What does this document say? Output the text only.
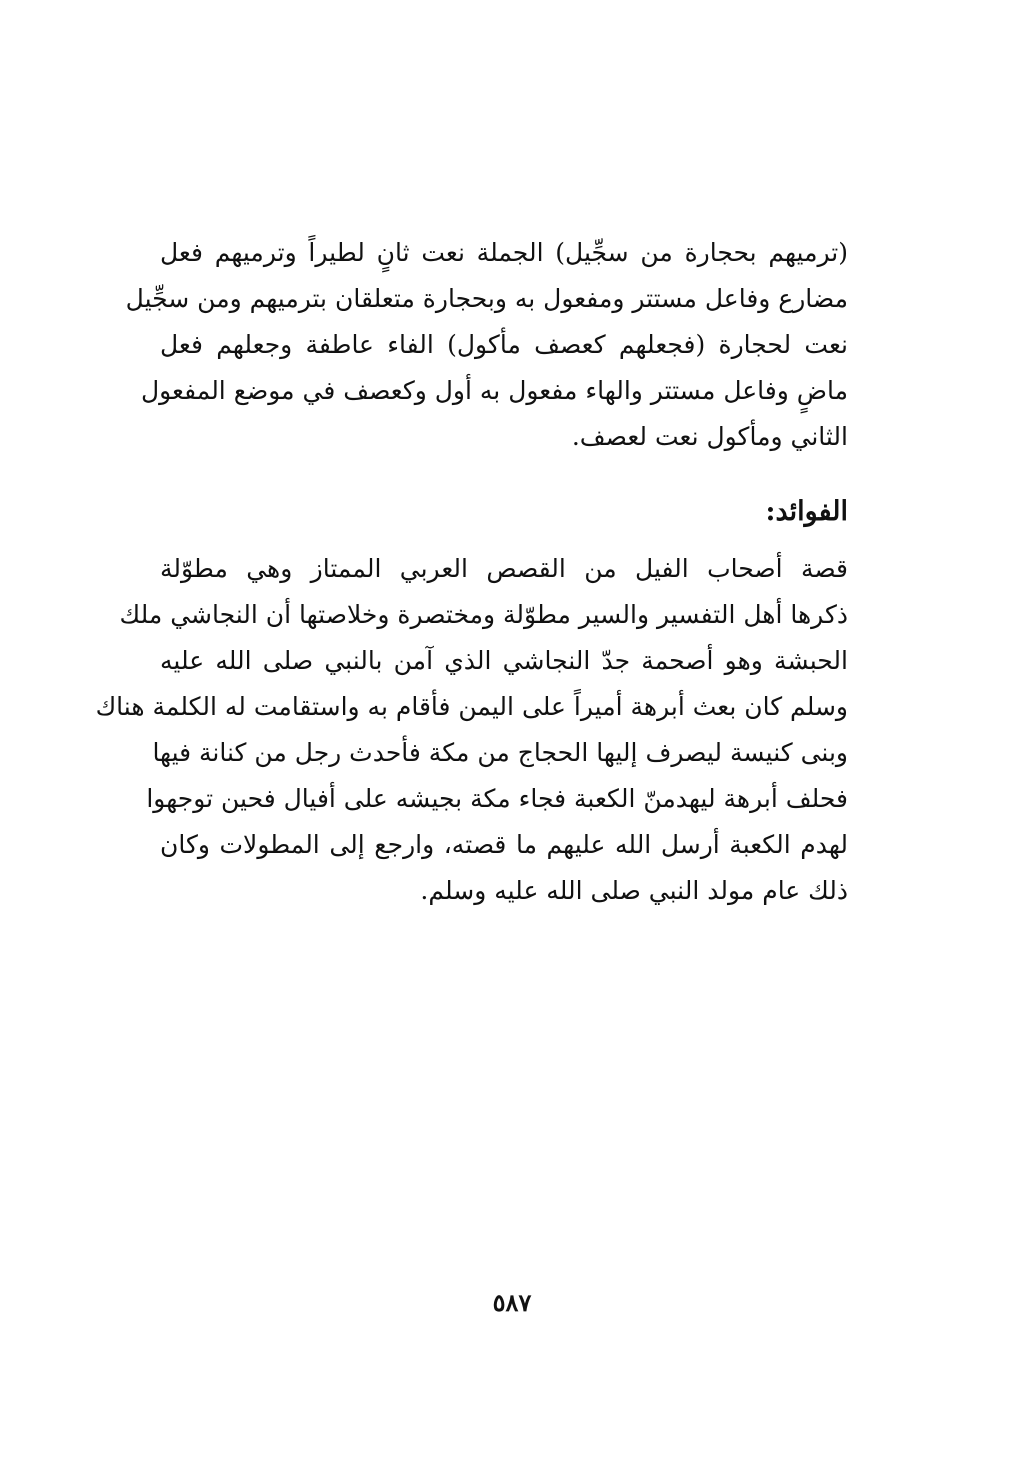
(ترميهم بحجارة من سجِّيل) الجملة نعت ثانٍ لطيراً وترميهم فعل
مضارع وفاعل مستتر ومفعول به وبحجارة متعلقان بترميهم ومن سجِّيل
نعت لحجارة (فجعلهم كعصف مأكول) الفاء عاطفة وجعلهم فعل
ماضٍ وفاعل مستتر والهاء مفعول به أول وكعصف في موضع المفعول
الثاني ومأكول نعت لعصف.
الفوائد:
قصة أصحاب الفيل من القصص العربي الممتاز وهي مطوّلة
ذكرها أهل التفسير والسير مطوّلة ومختصرة وخلاصتها أن النجاشي ملك
الحبشة وهو أصحمة جدّ النجاشي الذي آمن بالنبي صلى الله عليه
وسلم كان بعث أبرهة أميراً على اليمن فأقام به واستقامت له الكلمة هناك
وبنى كنيسة ليصرف إليها الحجاج من مكة فأحدث رجل من كنانة فيها
فحلف أبرهة ليهدمنّ الكعبة فجاء مكة بجيشه على أفيال فحين توجهوا
لهدم الكعبة أرسل الله عليهم ما قصته، وارجع إلى المطولات وكان
ذلك عام مولد النبي صلى الله عليه وسلم.
٥٨٧
